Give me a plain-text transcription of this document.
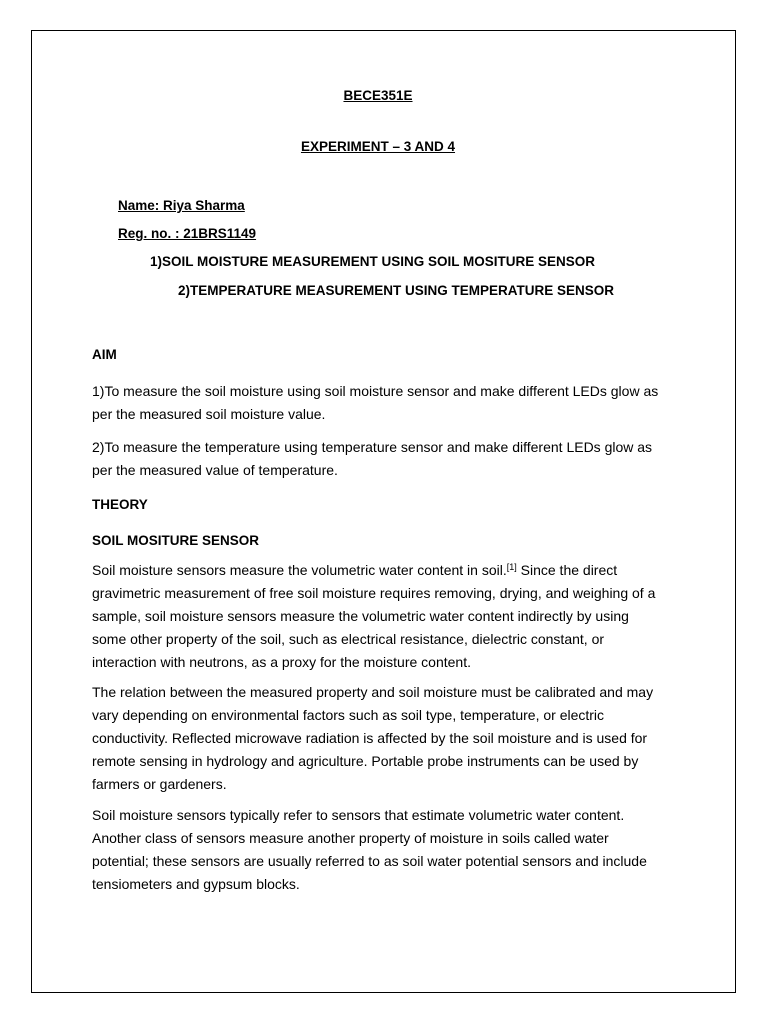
BECE351E
EXPERIMENT – 3 AND 4
Name: Riya Sharma
Reg. no. : 21BRS1149
1)SOIL MOISTURE MEASUREMENT USING SOIL MOSITURE SENSOR
2)TEMPERATURE MEASUREMENT USING TEMPERATURE SENSOR
AIM
1)To measure the soil moisture using soil moisture sensor and make different LEDs glow as
per the measured soil moisture value.
2)To measure the temperature using temperature sensor and make different LEDs glow as
per the measured value of temperature.
THEORY
SOIL MOSITURE SENSOR
Soil moisture sensors measure the volumetric water content in soil.[1] Since the direct
gravimetric measurement of free soil moisture requires removing, drying, and weighing of a
sample, soil moisture sensors measure the volumetric water content indirectly by using
some other property of the soil, such as electrical resistance, dielectric constant, or
interaction with neutrons, as a proxy for the moisture content.
The relation between the measured property and soil moisture must be calibrated and may
vary depending on environmental factors such as soil type, temperature, or electric
conductivity. Reflected microwave radiation is affected by the soil moisture and is used for
remote sensing in hydrology and agriculture. Portable probe instruments can be used by
farmers or gardeners.
Soil moisture sensors typically refer to sensors that estimate volumetric water content.
Another class of sensors measure another property of moisture in soils called water
potential; these sensors are usually referred to as soil water potential sensors and include
tensiometers and gypsum blocks.
